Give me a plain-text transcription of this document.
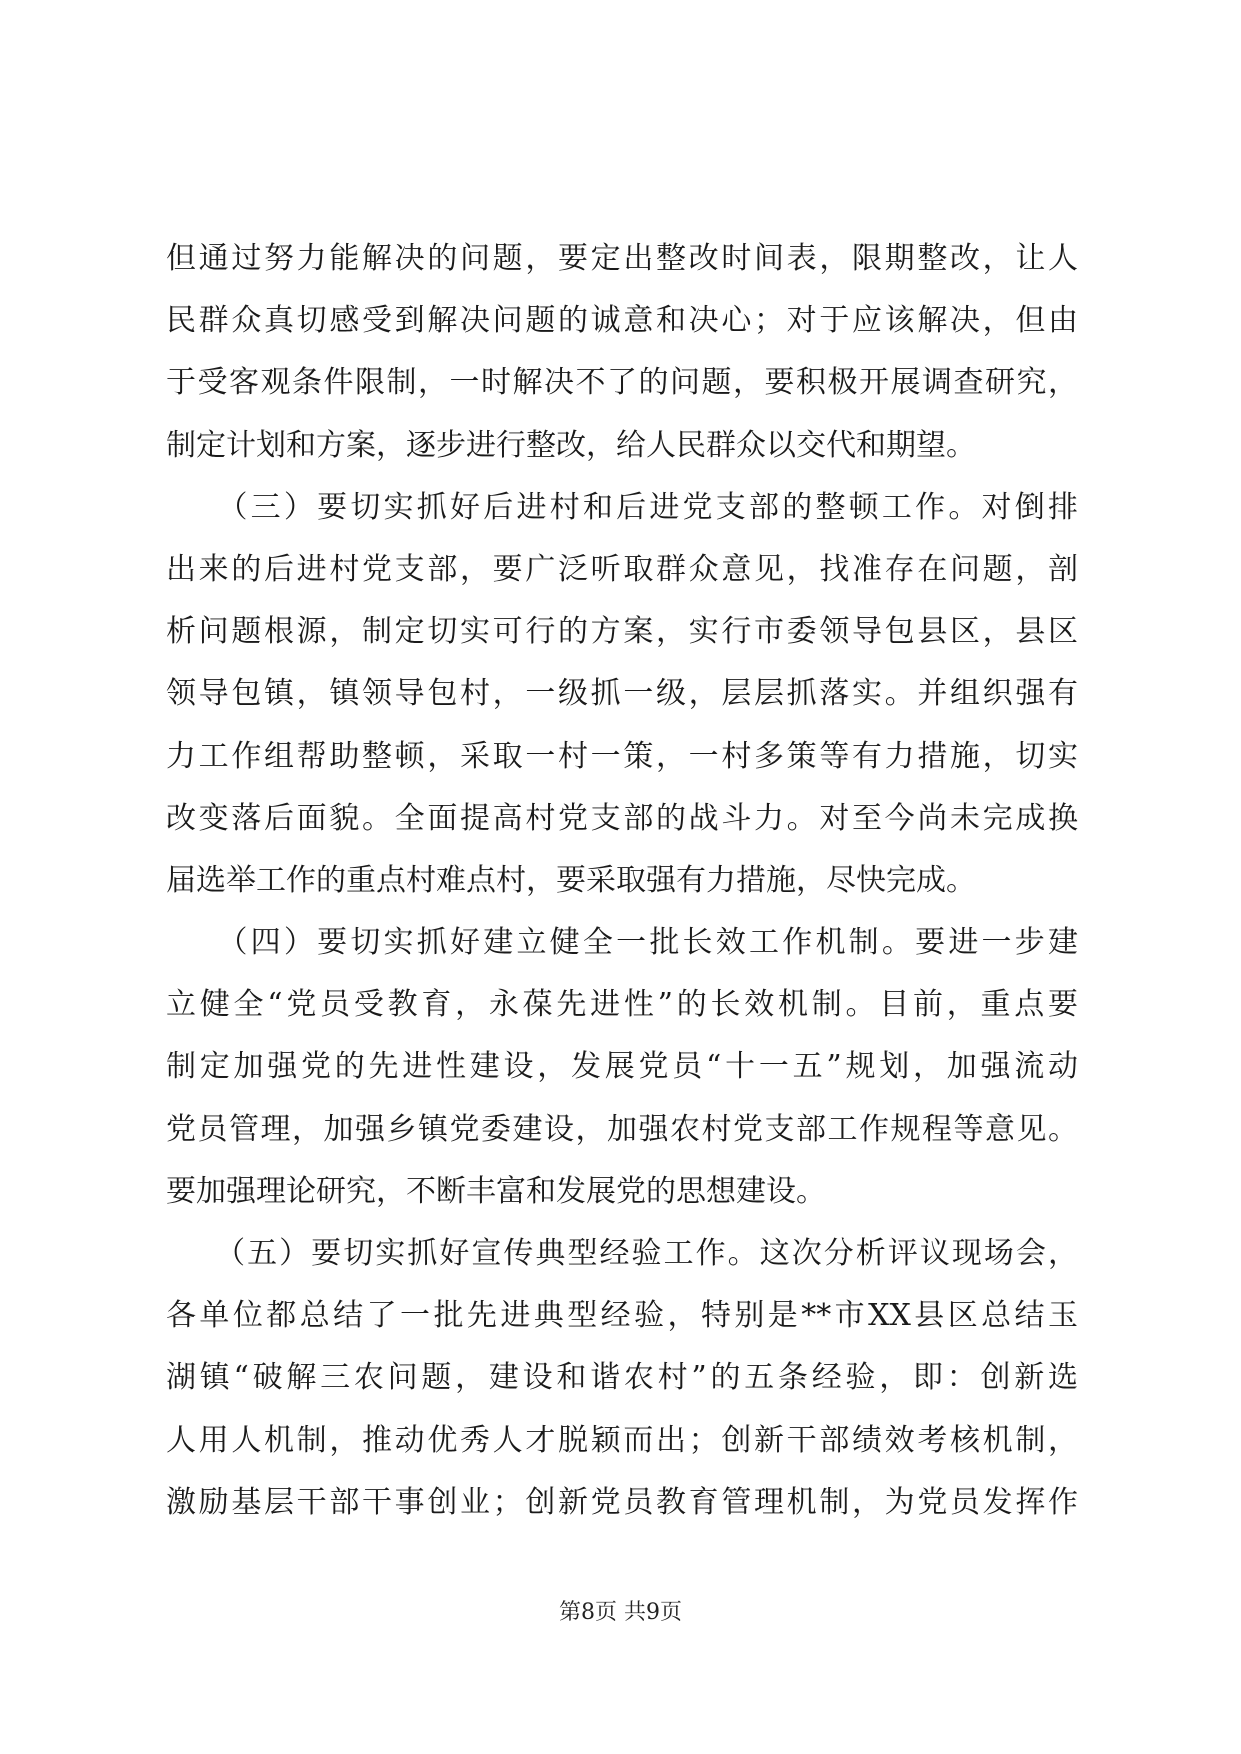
但通过努力能解决的问题，要定出整改时间表，限期整改，让人
民群众真切感受到解决问题的诚意和决心；对于应该解决，但由
于受客观条件限制，一时解决不了的问题，要积极开展调查研究，
制定计划和方案，逐步进行整改，给人民群众以交代和期望。
　　（三）要切实抓好后进村和后进党支部的整顿工作。对倒排
出来的后进村党支部，要广泛听取群众意见，找准存在问题，剖
析问题根源，制定切实可行的方案，实行市委领导包县区，县区
领导包镇，镇领导包村，一级抓一级，层层抓落实。并组织强有
力工作组帮助整顿，采取一村一策，一村多策等有力措施，切实
改变落后面貌。全面提高村党支部的战斗力。对至今尚未完成换
届选举工作的重点村难点村，要采取强有力措施，尽快完成。
　　（四）要切实抓好建立健全一批长效工作机制。要进一步建
立健全“党员受教育，永葆先进性”的长效机制。目前，重点要
制定加强党的先进性建设，发展党员“十一五”规划，加强流动
党员管理，加强乡镇党委建设，加强农村党支部工作规程等意见。
要加强理论研究，不断丰富和发展党的思想建设。
　　（五）要切实抓好宣传典型经验工作。这次分析评议现场会，
各单位都总结了一批先进典型经验，特别是**市XX县区总结玉
湖镇“破解三农问题，建设和谐农村”的五条经验，即：创新选
人用人机制，推动优秀人才脱颖而出；创新干部绩效考核机制，
激励基层干部干事创业；创新党员教育管理机制，为党员发挥作
第8页 共9页
